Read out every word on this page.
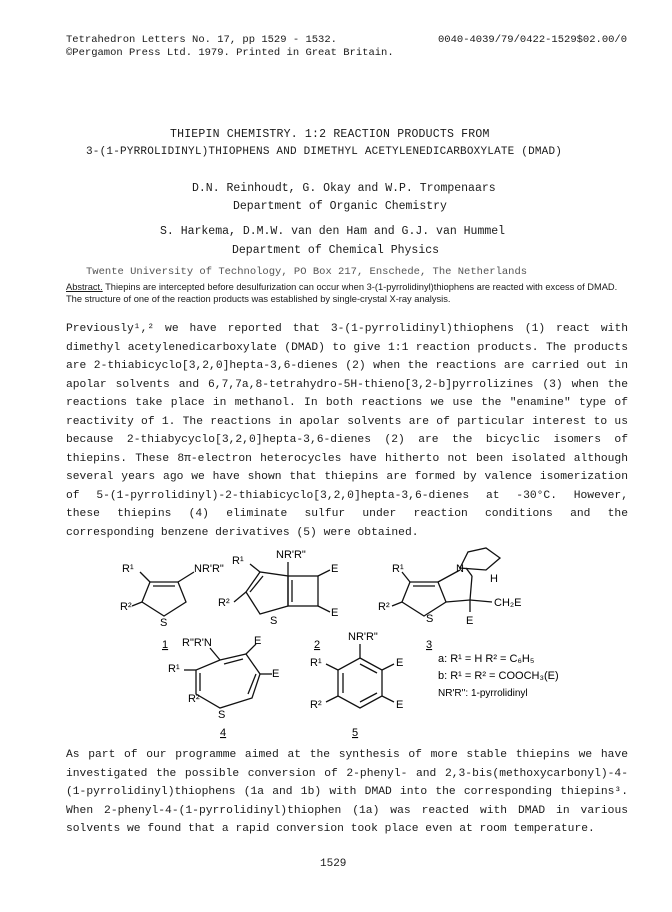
Tetrahedron Letters No. 17, pp 1529 - 1532.
©Pergamon Press Ltd. 1979. Printed in Great Britain.
0040-4039/79/0422-1529$02.00/0
THIEPIN CHEMISTRY. 1:2 REACTION PRODUCTS FROM
3-(1-PYRROLIDINYL)THIOPHENS AND DIMETHYL ACETYLENEDICARBOXYLATE (DMAD)
D.N. Reinhoudt, G. Okay and W.P. Trompenaars
Department of Organic Chemistry
S. Harkema, D.M.W. van den Ham and G.J. van Hummel
Department of Chemical Physics
Twente University of Technology, PO Box 217, Enschede, The Netherlands
Abstract. Thiepins are intercepted before desulfurization can occur when 3-(1-pyrrolidinyl)thiophens are reacted with excess of DMAD. The structure of one of the reaction products was established by single-crystal X-ray analysis.

Previously¹,² we have reported that 3-(1-pyrrolidinyl)thiophens (1) react with dimethyl acetylenedicarboxylate (DMAD) to give 1:1 reaction products. The products are 2-thiabicyclo[3,2,0]hepta-3,6-dienes (2) when the reactions are carried out in apolar solvents and 6,7,7a,8-tetrahydro-5H-thieno[3,2-b]pyrrolizines (3) when the reactions take place in methanol. In both reactions we use the "enamine" type of reactivity of 1. The reactions in apolar solvents are of particular interest to us because 2-thiabycyclo[3,2,0]hepta-3,6-dienes (2) are the bicyclic isomers of thiepins. These 8π-electron heterocycles have hitherto not been isolated although several years ago we have shown that thiepins are formed by valence isomerization of 5-(1-pyrrolidinyl)-2-thiabicyclo[3,2,0]hepta-3,6-dienes at -30°C. However, these thiepins (4) eliminate sulfur under reaction conditions and the corresponding benzene derivatives (5) were obtained.

R¹	NR'R"
R²
S
1
NR'R"
R¹
E
R²
S
E
2
N
H
CH₂E
E
R¹
R²
S
3
R"R'N	E
R¹	E
R²
S
4
NR'R"
E
R¹
E
R²
5
a: R¹ = H R² = C₆H₅
b: R¹ = R² = COOCH₃(E)
NR'R'': 1-pyrrolidinyl

As part of our programme aimed at the synthesis of more stable thiepins we have investigated the possible conversion of 2-phenyl- and 2,3-bis(methoxycarbonyl)-4-(1-pyrrolidinyl)thiophens (1a and 1b) with DMAD into the corresponding thiepins³. When 2-phenyl-4-(1-pyrrolidinyl)thiophen (1a) was reacted with DMAD in various solvents we found that a rapid conversion took place even at room temperature.

1529
